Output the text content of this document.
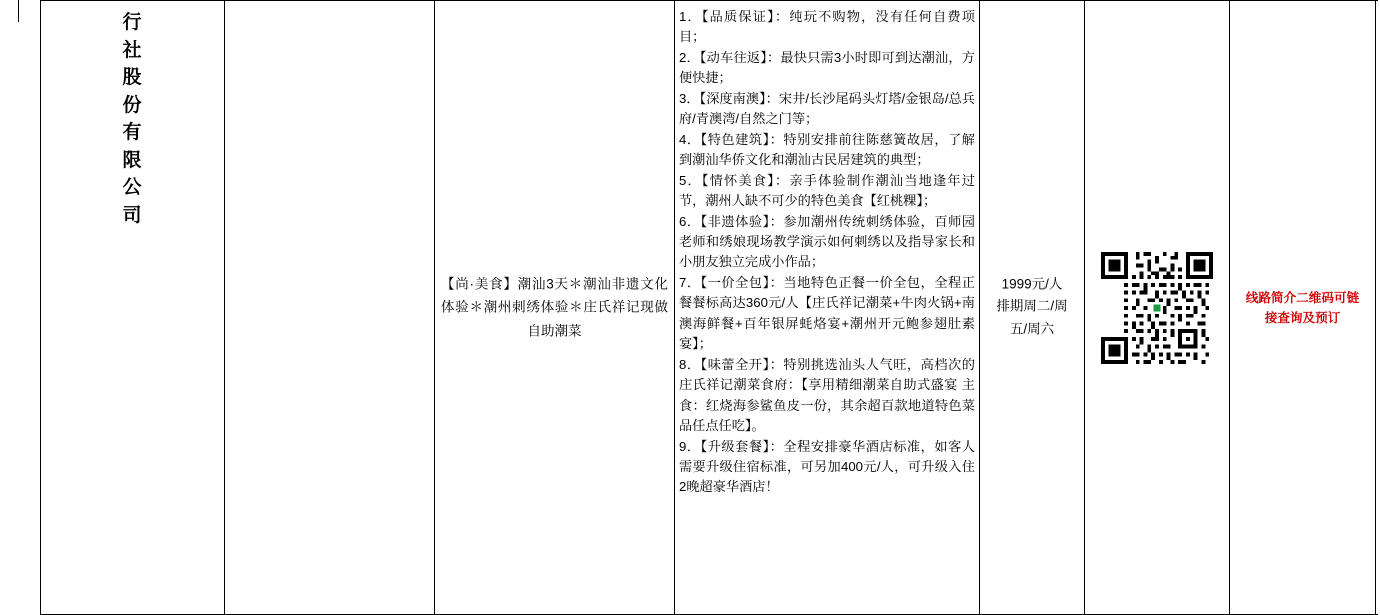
行
社
股
份
有
限
公
司
【尚·美食】潮汕3天＊潮汕非遗文化体验＊潮州刺绣体验＊庄氏祥记现做自助潮菜

1．【品质保证】：纯玩不购物，没有任何自费项目；

2．【动车往返】：最快只需3小时即可到达潮汕，方便快捷；

3．【深度南澳】：宋井/长沙尾码头灯塔/金银岛/总兵府/青澳湾/自然之门等；

4．【特色建筑】：特别安排前往陈慈簧故居，了解到潮汕华侨文化和潮汕古民居建筑的典型；

5．【情怀美食】：亲手体验制作潮汕当地逢年过节，潮州人缺不可少的特色美食【红桃粿】；

6．【非遗体验】：参加潮州传统刺绣体验，百师园老师和绣娘现场教学演示如何刺绣以及指导家长和小朋友独立完成小作品；

7．【一价全包】：当地特色正餐一价全包，全程正餐餐标高达360元/人【庄氏祥记潮菜+牛肉火锅+南澳海鲜餐+百年银屏蚝烙宴+潮州开元鲍参翅肚素宴】；

8．【味蕾全开】：特别挑选汕头人气旺，高档次的庄氏祥记潮菜食府：【享用精细潮菜自助式盛宴 主食：红烧海参鲨鱼皮一份，其余超百款地道特色菜品任点任吃】。

9．【升级套餐】：全程安排豪华酒店标准，如客人需要升级住宿标准，可另加400元/人，可升级入住2晚超豪华酒店！

1999元/人
排期周二/周
五/周六
线路简介二维码可链接查询及预订
